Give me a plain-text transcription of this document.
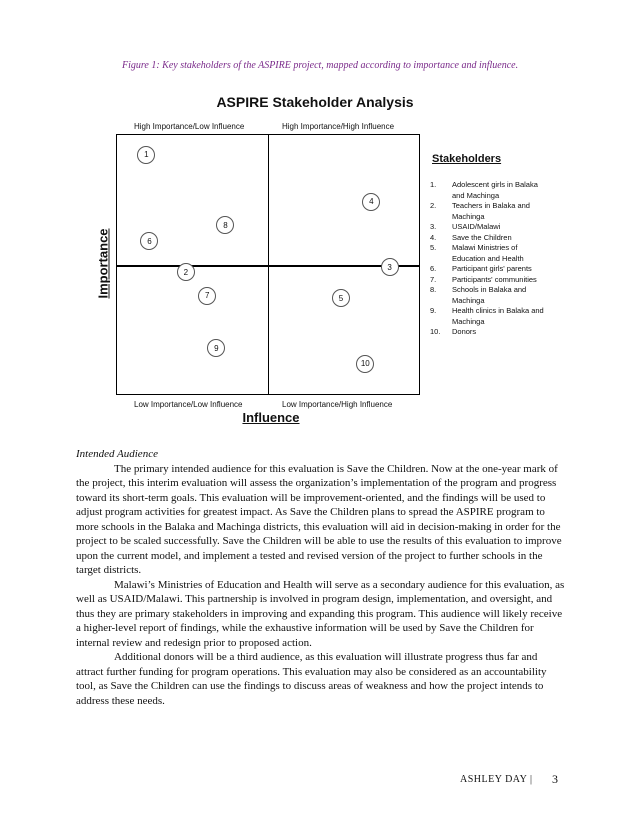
Figure 1: Key stakeholders of the ASPIRE project, mapped according to importance and influence.
ASPIRE Stakeholder Analysis
High Importance/Low Influence	High Importance/High Influence
Low Importance/Low Influence	Low Importance/High Influence
1
2
3
4
5
6
7
8
9
10
Importance
Influence
Stakeholders
1.	Adolescent girls in Balaka and Machinga
2.	Teachers in Balaka and Machinga
3.	USAID/Malawi
4.	Save the Children
5.	Malawi Ministries of Education and Health
6.	Participant girls' parents
7.	Participants' communities
8.	Schools in Balaka and Machinga
9.	Health clinics in Balaka and Machinga
10.	Donors
Intended Audience

The primary intended audience for this evaluation is Save the Children. Now at the one-year mark of the project, this interim evaluation will assess the organization’s implementation of the program and progress toward its short-term goals. This evaluation will be improvement-oriented, and the findings will be used to adjust program activities for greatest impact. As Save the Children plans to spread the ASPIRE program to more schools in the Balaka and Machinga districts, this evaluation will aid in decision-making in order for the project to be scaled successfully. Save the Children will be able to use the results of this evaluation to improve upon the current model, and implement a tested and revised version of the project to further schools in the target districts.

Malawi’s Ministries of Education and Health will serve as a secondary audience for this evaluation, as well as USAID/Malawi. This partnership is involved in program design, implementation, and oversight, and thus they are primary stakeholders in improving and expanding this program. This audience will likely receive a higher-level report of findings, while the exhaustive information will be used by Save the Children for internal review and redesign prior to proposed action.

Additional donors will be a third audience, as this evaluation will illustrate progress thus far and attract further funding for program operations. This evaluation may also be considered as an accountability tool, as Save the Children can use the findings to discuss areas of weakness and how the project intends to address these needs.

ASHLEY DAY | 3
